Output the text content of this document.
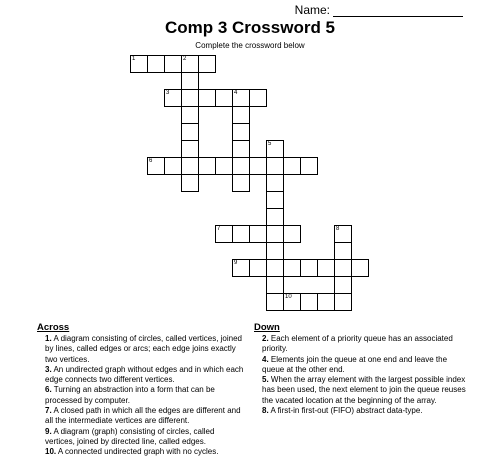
Name:
Comp 3 Crossword 5
Complete the crossword below
1	2
3	4
5
6
7	8
9
10
Across
1. A diagram consisting of circles, called vertices, joined by lines, called edges or arcs; each edge joins exactly two vertices.
3. An undirected graph without edges and in which each edge connects two different vertices.
6. Turning an abstraction into a form that can be processed by computer.
7. A closed path in which all the edges are different and all the intermediate vertices are different.
9. A diagram (graph) consisting of circles, called vertices, joined by directed line, called edges.
10. A connected undirected graph with no cycles.
Down
2. Each element of a priority queue has an associated priority.
4. Elements join the queue at one end and leave the queue at the other end.
5. When the array element with the largest possible index has been used, the next element to join the queue reuses the vacated location at the beginning of the array.
8. A first-in first-out (FIFO) abstract data-type.
